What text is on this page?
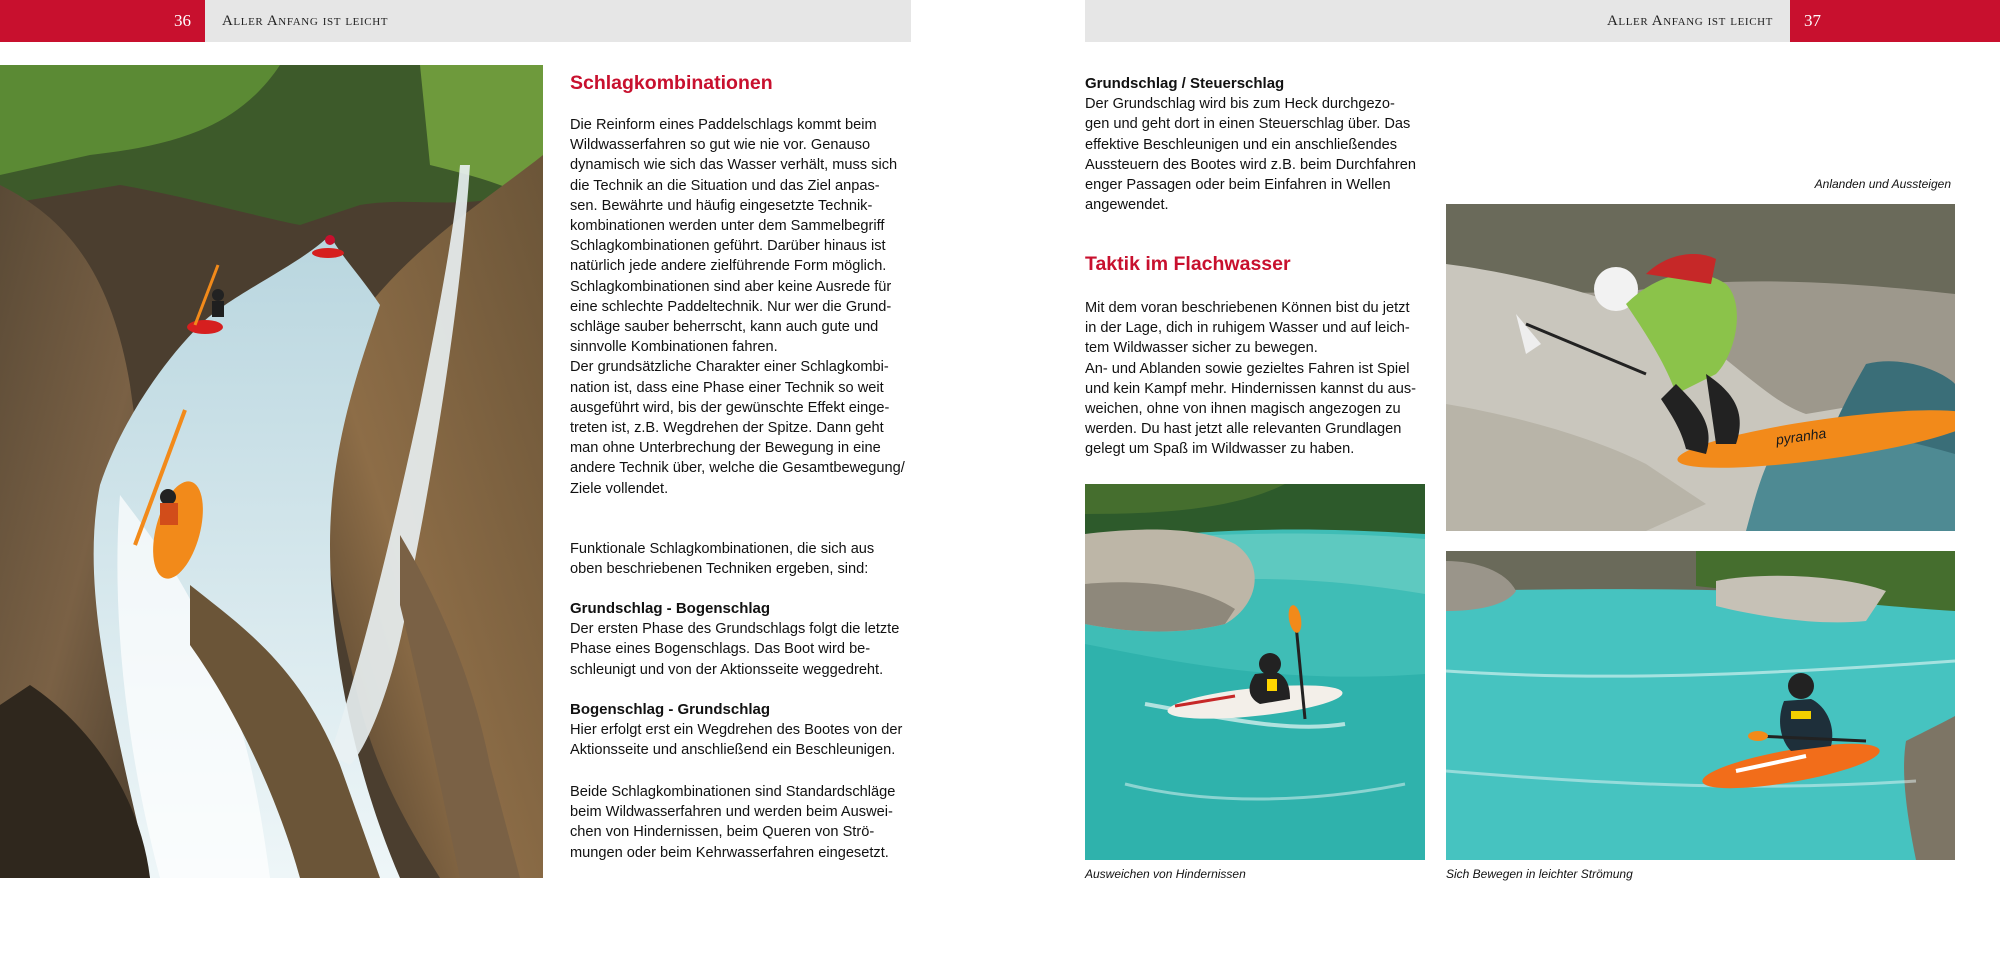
36	Aller Anfang ist leicht	37
Aller Anfang ist leicht
Schlagkombinationen

Die Reinform eines Paddelschlags kommt beim

Wildwasserfahren so gut wie nie vor. Genauso

dynamisch wie sich das Wasser verhält, muss sich

die Technik an die Situation und das Ziel anpas-

sen. Bewährte und häufig eingesetzte Technik-

kombinationen werden unter dem Sammelbegriff

Schlagkombinationen geführt. Darüber hinaus ist

natürlich jede andere zielführende Form möglich.

Schlagkombinationen sind aber keine Ausrede für

eine schlechte Paddeltechnik. Nur wer die Grund-

schläge sauber beherrscht, kann auch gute und

sinnvolle Kombinationen fahren.

Der grundsätzliche Charakter einer Schlagkombi-

nation ist, dass eine Phase einer Technik so weit

ausgeführt wird, bis der gewünschte Effekt einge-

treten ist, z.B. Wegdrehen der Spitze. Dann geht

man ohne Unterbrechung der Bewegung in eine

andere Technik über, welche die Gesamtbewegung/

Ziele vollendet.

Funktionale Schlagkombinationen, die sich aus

oben beschriebenen Techniken ergeben, sind:

Grundschlag - Bogenschlag

Der ersten Phase des Grundschlags folgt die letzte

Phase eines Bogenschlags. Das Boot wird be-

schleunigt und von der Aktionsseite weggedreht.

Bogenschlag - Grundschlag

Hier erfolgt erst ein Wegdrehen des Bootes von der

Aktionsseite und anschließend ein Beschleunigen.

Beide Schlagkombinationen sind Standardschläge

beim Wildwasserfahren und werden beim Auswei-

chen von Hindernissen, beim Queren von Strö-

mungen oder beim Kehrwasserfahren eingesetzt.

Grundschlag / Steuerschlag

Der Grundschlag wird bis zum Heck durchgezo-

gen und geht dort in einen Steuerschlag über. Das

effektive Beschleunigen und ein anschließendes

Aussteuern des Bootes wird z.B. beim Durchfahren

enger Passagen oder beim Einfahren in Wellen

angewendet.

Taktik im Flachwasser

Mit dem voran beschriebenen Können bist du jetzt

in der Lage, dich in ruhigem Wasser und auf leich-

tem Wildwasser sicher zu bewegen.

An- und Ablanden sowie gezieltes Fahren ist Spiel

und kein Kampf mehr. Hindernissen kannst du aus-

weichen, ohne von ihnen magisch angezogen zu

werden. Du hast jetzt alle relevanten Grundlagen

gelegt um Spaß im Wildwasser zu haben.

Anlanden und Aussteigen
pyranha
Ausweichen von Hindernissen	Sich Bewegen in leichter Strömung
